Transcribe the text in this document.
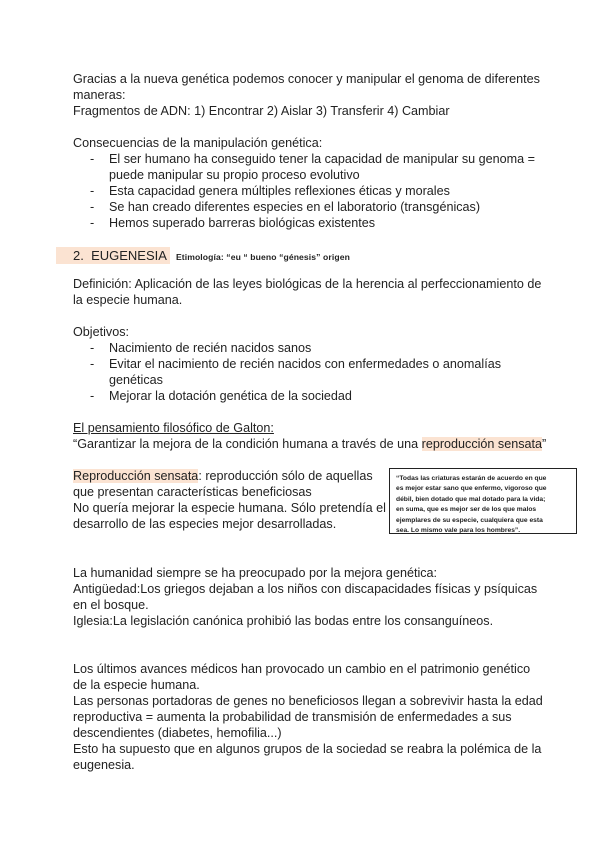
Gracias a la nueva genética podemos conocer y manipular el genoma de diferentes
maneras:
Fragmentos de ADN: 1) Encontrar 2) Aislar 3) Transferir 4) Cambiar
Consecuencias de la manipulación genética:
- El ser humano ha conseguido tener la capacidad de manipular su genoma =
puede manipular su propio proceso evolutivo
- Esta capacidad genera múltiples reflexiones éticas y morales
- Se han creado diferentes especies en el laboratorio (transgénicas)
- Hemos superado barreras biológicas existentes
2. EUGENESIA Etimología: “eu “ bueno “génesis” origen
Definición: Aplicación de las leyes biológicas de la herencia al perfeccionamiento de
la especie humana.
Objetivos:
- Nacimiento de recién nacidos sanos
- Evitar el nacimiento de recién nacidos con enfermedades o anomalías
genéticas
- Mejorar la dotación genética de la sociedad
El pensamiento filosófico de Galton:
“Garantizar la mejora de la condición humana a través de una reproducción sensata”
Reproducción sensata: reproducción sólo de aquellas
que presentan características beneficiosas
No quería mejorar la especie humana. Sólo pretendía el
desarrollo de las especies mejor desarrolladas.
“Todas las criaturas estarán de acuerdo en que
es mejor estar sano que enfermo, vigoroso que
débil, bien dotado que mal dotado para la vida;
en suma, que es mejor ser de los que malos
ejemplares de su especie, cualquiera que esta
sea. Lo mismo vale para los hombres”.
La humanidad siempre se ha preocupado por la mejora genética:
Antigüedad:Los griegos dejaban a los niños con discapacidades físicas y psíquicas
en el bosque.
Iglesia:La legislación canónica prohibió las bodas entre los consanguíneos.
Los últimos avances médicos han provocado un cambio en el patrimonio genético
de la especie humana.
Las personas portadoras de genes no beneficiosos llegan a sobrevivir hasta la edad
reproductiva = aumenta la probabilidad de transmisión de enfermedades a sus
descendientes (diabetes, hemofilia...)
Esto ha supuesto que en algunos grupos de la sociedad se reabra la polémica de la
eugenesia.
